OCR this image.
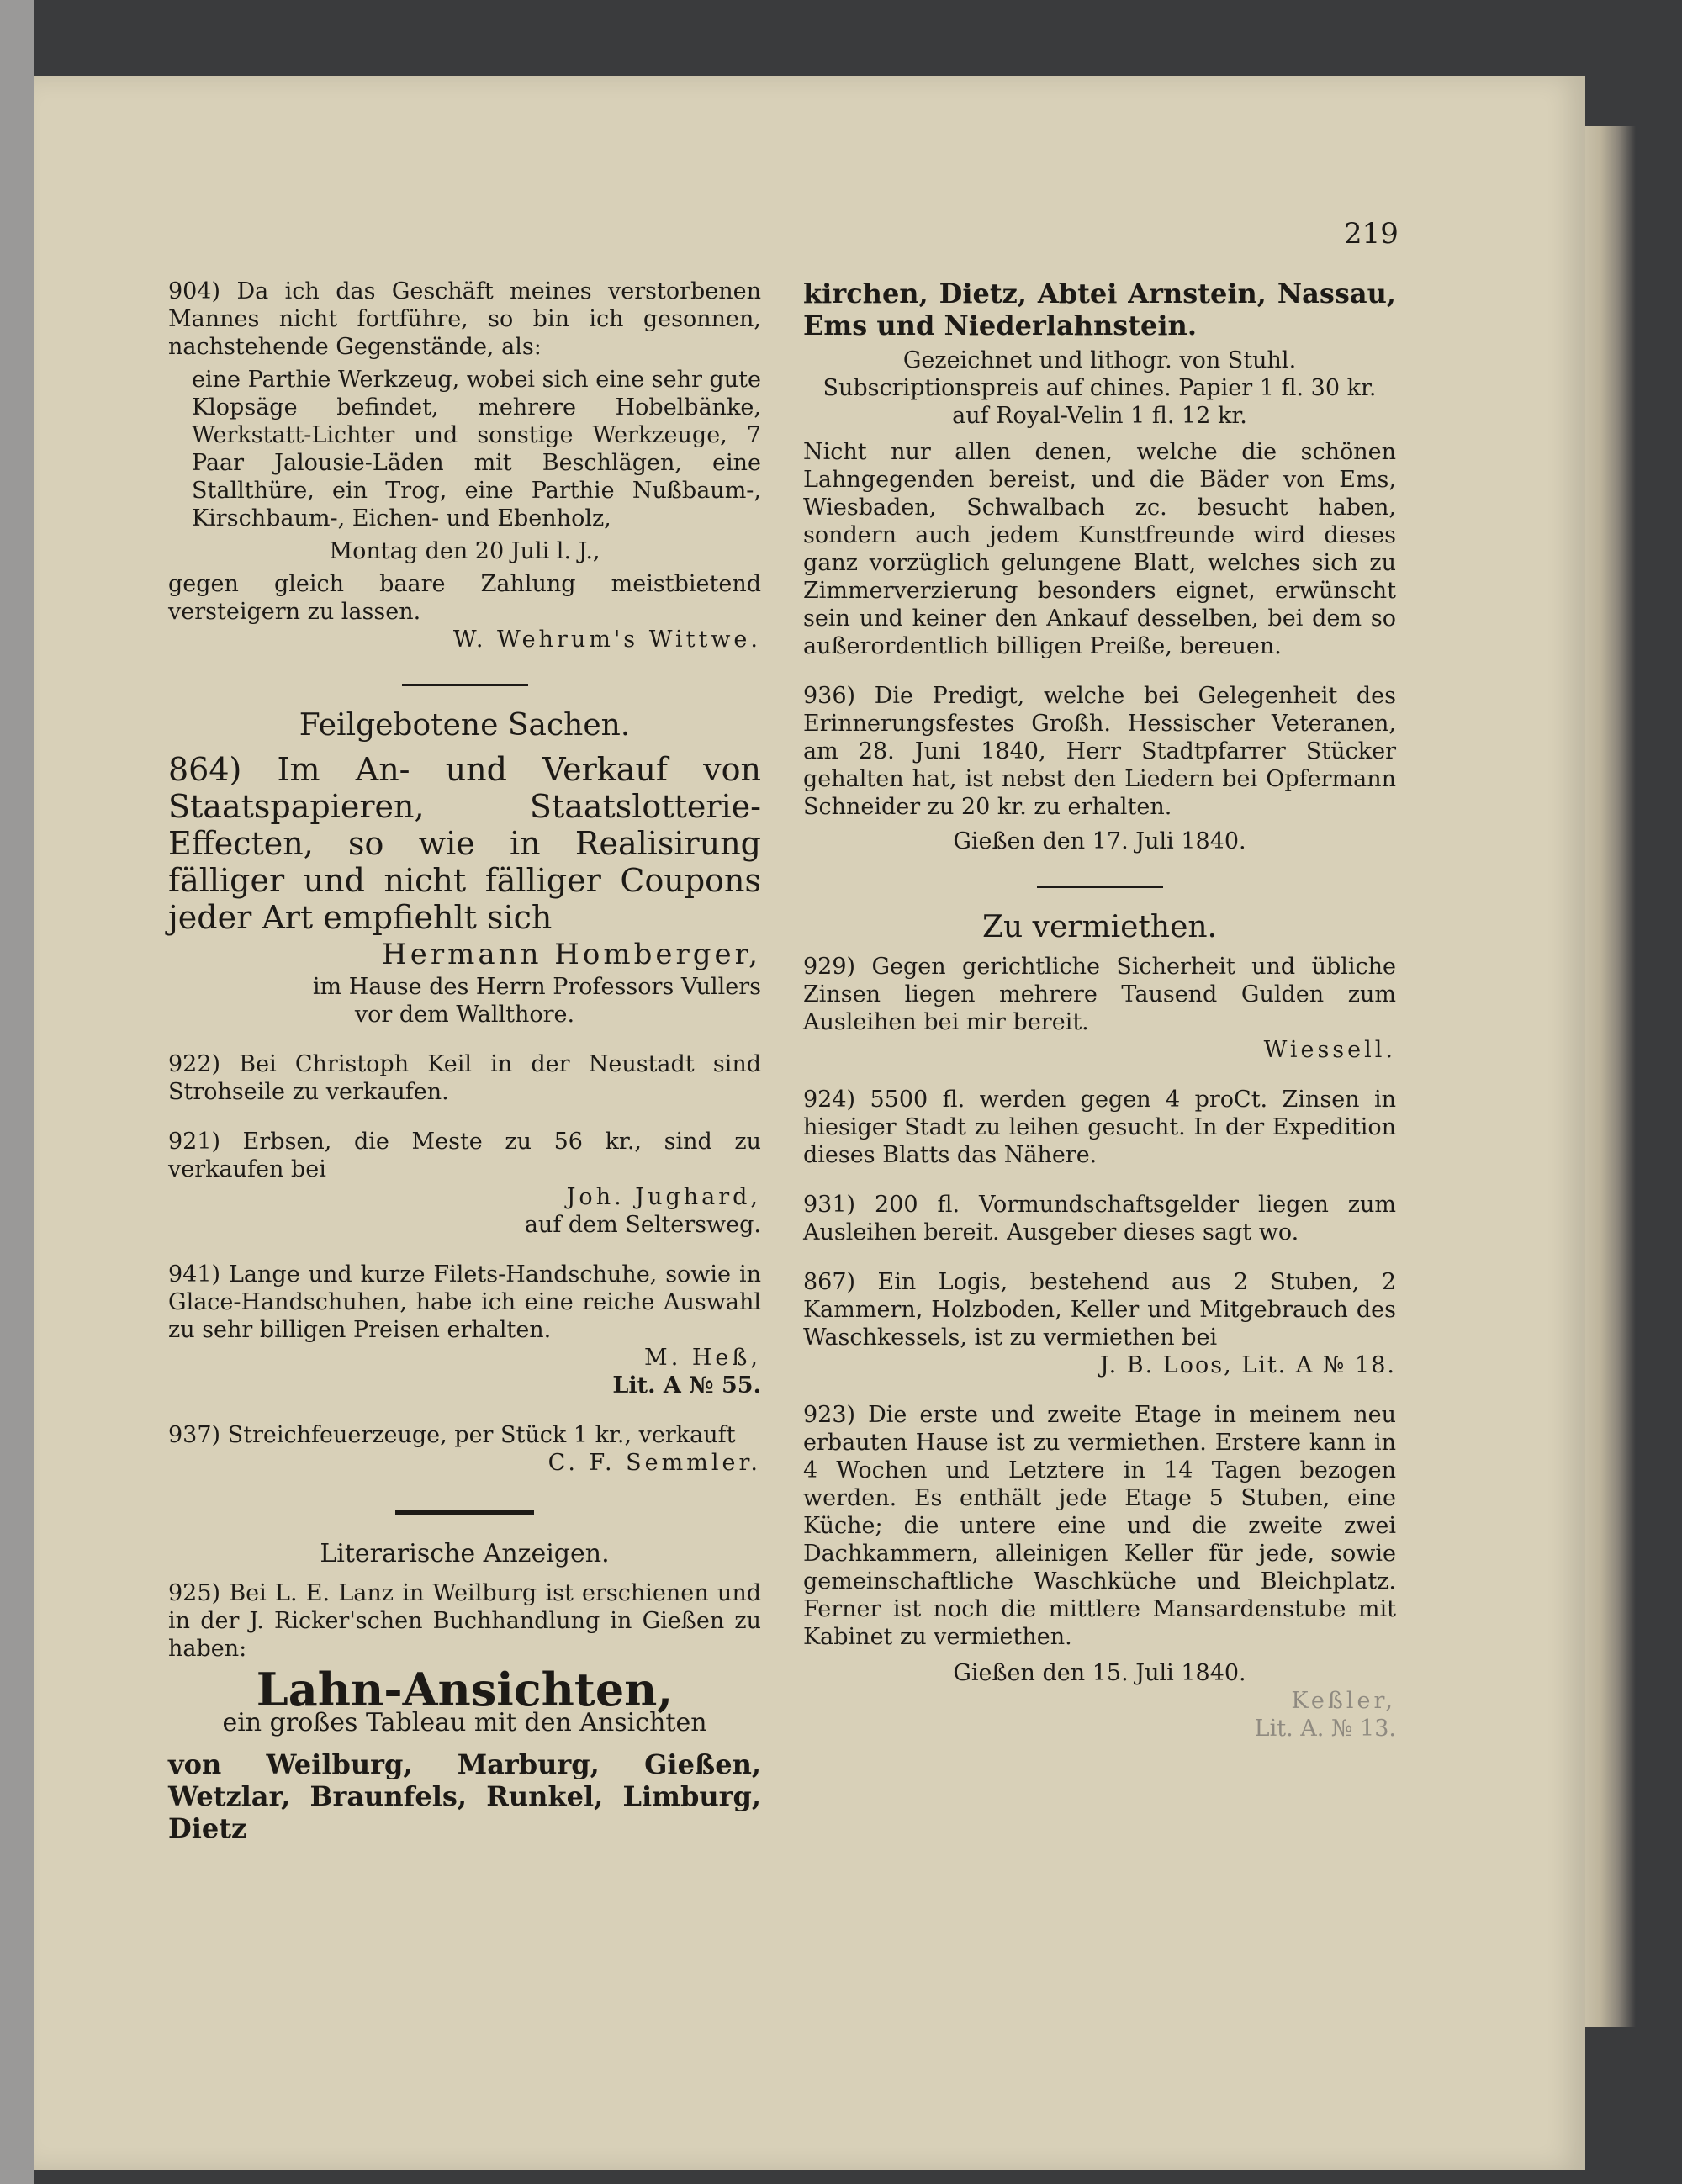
219

904) Da ich das Geschäft meines verstorbenen Mannes nicht fortführe, so bin ich gesonnen, nachstehende Gegenstände, als:

eine Parthie Werkzeug, wobei sich eine sehr gute Klopsäge befindet, mehrere Hobelbänke, Werkstatt-Lichter und sonstige Werkzeuge, 7 Paar Jalousie-Läden mit Beschlägen, eine Stallthüre, ein Trog, eine Parthie Nußbaum-, Kirschbaum-, Eichen- und Ebenholz,

Montag den 20 Juli l. J.,

gegen gleich baare Zahlung meistbietend versteigern zu lassen.

W. Wehrum's Wittwe.

Feilgebotene Sachen.

864) Im An- und Verkauf von Staatspapieren, Staatslotterie-Effecten, so wie in Realisirung fälliger und nicht fälliger Coupons jeder Art empfiehlt sich

Hermann Homberger,

im Hause des Herrn Professors Vullers

vor dem Wallthore.

922) Bei Christoph Keil in der Neustadt sind Strohseile zu verkaufen.

921) Erbsen, die Meste zu 56 kr., sind zu verkaufen bei

Joh. Jughard,

auf dem Seltersweg.

941) Lange und kurze Filets-Handschuhe, sowie in Glace-Handschuhen, habe ich eine reiche Auswahl zu sehr billigen Preisen erhalten.

M. Heß,

Lit. A № 55.

937) Streichfeuerzeuge, per Stück 1 kr., verkauft

C. F. Semmler.

Literarische Anzeigen.

925) Bei L. E. Lanz in Weilburg ist erschienen und in der J. Ricker'schen Buchhandlung in Gießen zu haben:

Lahn-Ansichten,

ein großes Tableau mit den Ansichten

von Weilburg, Marburg, Gießen, Wetzlar, Braunfels, Runkel, Limburg, Dietz

kirchen, Dietz, Abtei Arnstein, Nassau, Ems und Niederlahnstein.

Gezeichnet und lithogr. von Stuhl.

Subscriptionspreis auf chines. Papier 1 fl. 30 kr.

auf Royal-Velin 1 fl. 12 kr.

Nicht nur allen denen, welche die schönen Lahngegenden bereist, und die Bäder von Ems, Wiesbaden, Schwalbach zc. besucht haben, sondern auch jedem Kunstfreunde wird dieses ganz vorzüglich gelungene Blatt, welches sich zu Zimmerverzierung besonders eignet, erwünscht sein und keiner den Ankauf desselben, bei dem so außerordentlich billigen Preiße, bereuen.

936) Die Predigt, welche bei Gelegenheit des Erinnerungsfestes Großh. Hessischer Veteranen, am 28. Juni 1840, Herr Stadtpfarrer Stücker gehalten hat, ist nebst den Liedern bei Opfermann Schneider zu 20 kr. zu erhalten.

Gießen den 17. Juli 1840.

Zu vermiethen.

929) Gegen gerichtliche Sicherheit und übliche Zinsen liegen mehrere Tausend Gulden zum Ausleihen bei mir bereit.

Wiessell.

924) 5500 fl. werden gegen 4 proCt. Zinsen in hiesiger Stadt zu leihen gesucht. In der Expedition dieses Blatts das Nähere.

931) 200 fl. Vormundschaftsgelder liegen zum Ausleihen bereit. Ausgeber dieses sagt wo.

867) Ein Logis, bestehend aus 2 Stuben, 2 Kammern, Holzboden, Keller und Mitgebrauch des Waschkessels, ist zu vermiethen bei

J. B. Loos, Lit. A № 18.

923) Die erste und zweite Etage in meinem neu erbauten Hause ist zu vermiethen. Erstere kann in 4 Wochen und Letztere in 14 Tagen bezogen werden. Es enthält jede Etage 5 Stuben, eine Küche; die untere eine und die zweite zwei Dachkammern, alleinigen Keller für jede, sowie gemeinschaftliche Waschküche und Bleichplatz. Ferner ist noch die mittlere Mansardenstube mit Kabinet zu vermiethen.

Gießen den 15. Juli 1840.

Keßler,

Lit. A. № 13.
